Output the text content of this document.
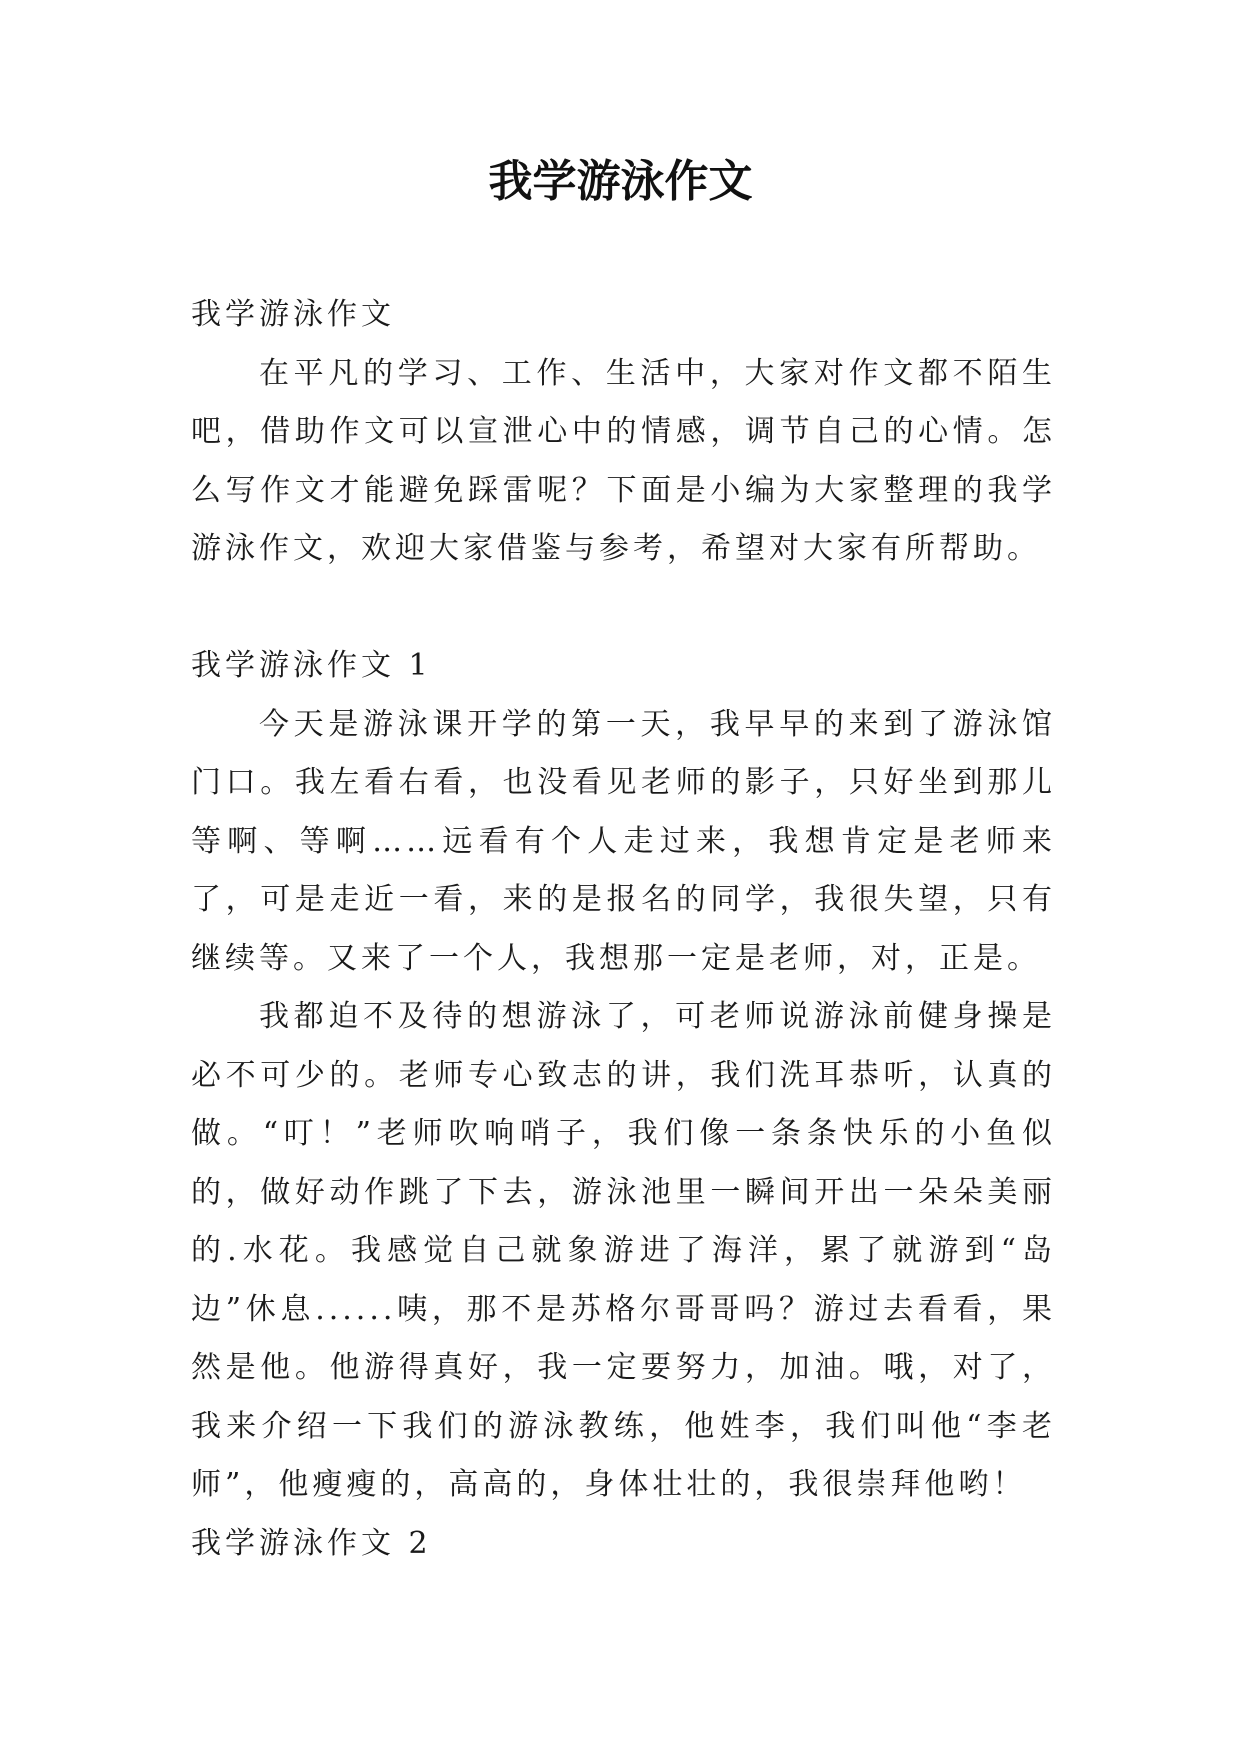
我学游泳作文

我学游泳作文

在平凡的学习、工作、生活中，大家对作文都不陌生吧，借助作文可以宣泄心中的情感，调节自己的心情。怎么写作文才能避免踩雷呢？下面是小编为大家整理的我学游泳作文，欢迎大家借鉴与参考，希望对大家有所帮助。

我学游泳作文 1

今天是游泳课开学的第一天，我早早的来到了游泳馆门口。我左看右看，也没看见老师的影子，只好坐到那儿等啊、等啊……远看有个人走过来，我想肯定是老师来了，可是走近一看，来的是报名的同学，我很失望，只有继续等。又来了一个人，我想那一定是老师，对，正是。

我都迫不及待的想游泳了，可老师说游泳前健身操是必不可少的。老师专心致志的讲，我们洗耳恭听，认真的做。“叮！”老师吹响哨子，我们像一条条快乐的小鱼似的，做好动作跳了下去，游泳池里一瞬间开出一朵朵美丽的.水花。我感觉自己就象游进了海洋，累了就游到“岛边”休息......咦，那不是苏格尔哥哥吗？游过去看看，果然是他。他游得真好，我一定要努力，加油。哦，对了，我来介绍一下我们的游泳教练，他姓李，我们叫他“李老师”，他瘦瘦的，高高的，身体壮壮的，我很崇拜他哟！

我学游泳作文 2
